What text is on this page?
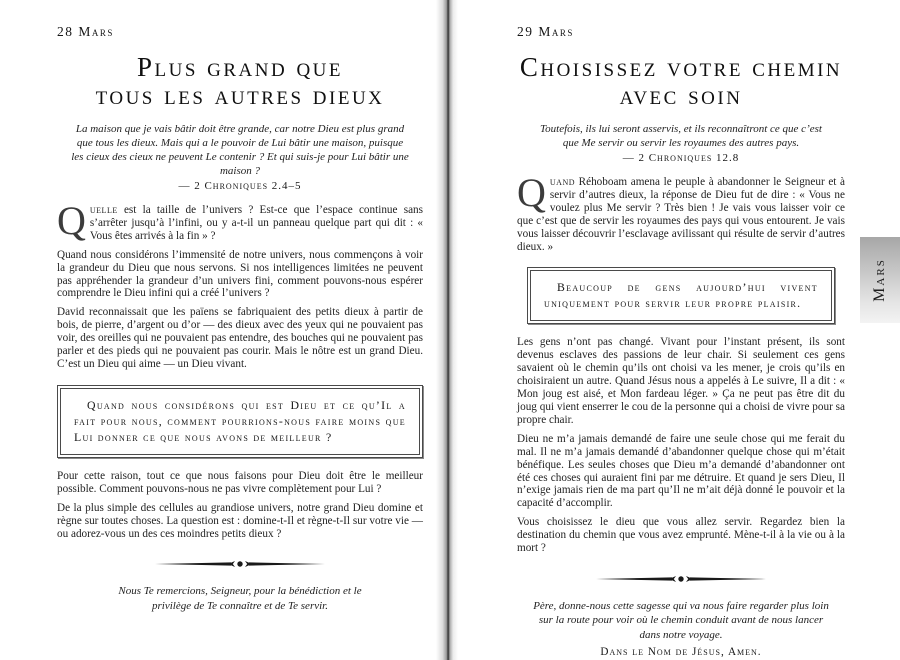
28 Mars
Plus grand que
tous les autres dieux
La maison que je vais bâtir doit être grande, car notre Dieu est plus grand que tous les dieux. Mais qui a le pouvoir de Lui bâtir une maison, puisque les cieux des cieux ne peuvent Le contenir ? Et qui suis-je pour Lui bâtir une maison ?
— 2 Chroniques 2.4–5

Quelle est la taille de l’univers ? Est-ce que l’espace continue sans s’arrêter jusqu’à l’infini, ou y a-t-il un panneau quelque part qui dit : « Vous êtes arrivés à la fin » ?

Quand nous considérons l’immensité de notre univers, nous commençons à voir la grandeur du Dieu que nous servons. Si nos intelligences limitées ne peuvent pas appréhender la grandeur d’un univers fini, comment pouvons-nous espérer comprendre le Dieu infini qui a créé l’univers ?

David reconnaissait que les païens se fabriquaient des petits dieux à partir de bois, de pierre, d’argent ou d’or — des dieux avec des yeux qui ne pouvaient pas voir, des oreilles qui ne pouvaient pas entendre, des bouches qui ne pouvaient pas parler et des pieds qui ne pouvaient pas courir. Mais le nôtre est un grand Dieu. C’est un Dieu qui aime — un Dieu vivant.

Quand nous considérons qui est Dieu et ce qu’Il a fait pour nous, comment pourrions-nous faire moins que Lui donner ce que nous avons de meilleur ?

Pour cette raison, tout ce que nous faisons pour Dieu doit être le meilleur possible. Comment pouvons-nous ne pas vivre complètement pour Lui ?

De la plus simple des cellules au grandiose univers, notre grand Dieu domine et règne sur toutes choses. La question est : domine-t-Il et règne-t-Il sur votre vie — ou adorez-vous un des ces moindres petits dieux ?

Nous Te remercions, Seigneur, pour la bénédiction et le privilège de Te connaître et de Te servir.
29 Mars
Choisissez votre chemin
avec soin
Toutefois, ils lui seront asservis, et ils reconnaîtront ce que c’est que Me servir ou servir les royaumes des autres pays.
— 2 Chroniques 12.8

Quand Réhoboam amena le peuple à abandonner le Seigneur et à servir d’autres dieux, la réponse de Dieu fut de dire : « Vous ne voulez plus Me servir ? Très bien ! Je vais vous laisser voir ce que c’est que de servir les royaumes des pays qui vous entourent. Je vais vous laisser découvrir l’esclavage avilissant qui résulte de servir d’autres dieux. »

Beaucoup de gens aujourd’hui vivent uniquement pour servir leur propre plaisir.

Les gens n’ont pas changé. Vivant pour l’instant présent, ils sont devenus esclaves des passions de leur chair. Si seulement ces gens savaient où le chemin qu’ils ont choisi va les mener, je crois qu’ils en choisiraient un autre. Quand Jésus nous a appelés à Le suivre, Il a dit : « Mon joug est aisé, et Mon fardeau léger. » Ça ne peut pas être dit du joug qui vient enserrer le cou de la personne qui a choisi de vivre pour sa propre chair.

Dieu ne m’a jamais demandé de faire une seule chose qui me ferait du mal. Il ne m’a jamais demandé d’abandonner quelque chose qui m’était bénéfique. Les seules choses que Dieu m’a demandé d’abandonner ont été ces choses qui auraient fini par me détruire. Et quand je sers Dieu, Il n’exige jamais rien de ma part qu’Il ne m’ait déjà donné le pouvoir et la capacité d’accomplir.

Vous choisissez le dieu que vous allez servir. Regardez bien la destination du chemin que vous avez emprunté. Mène-t-il à la vie ou à la mort ?

Père, donne-nous cette sagesse qui va nous faire regarder plus loin sur la route pour voir où le chemin conduit avant de nous lancer dans notre voyage.
Dans le Nom de Jésus, Amen.
Mars
